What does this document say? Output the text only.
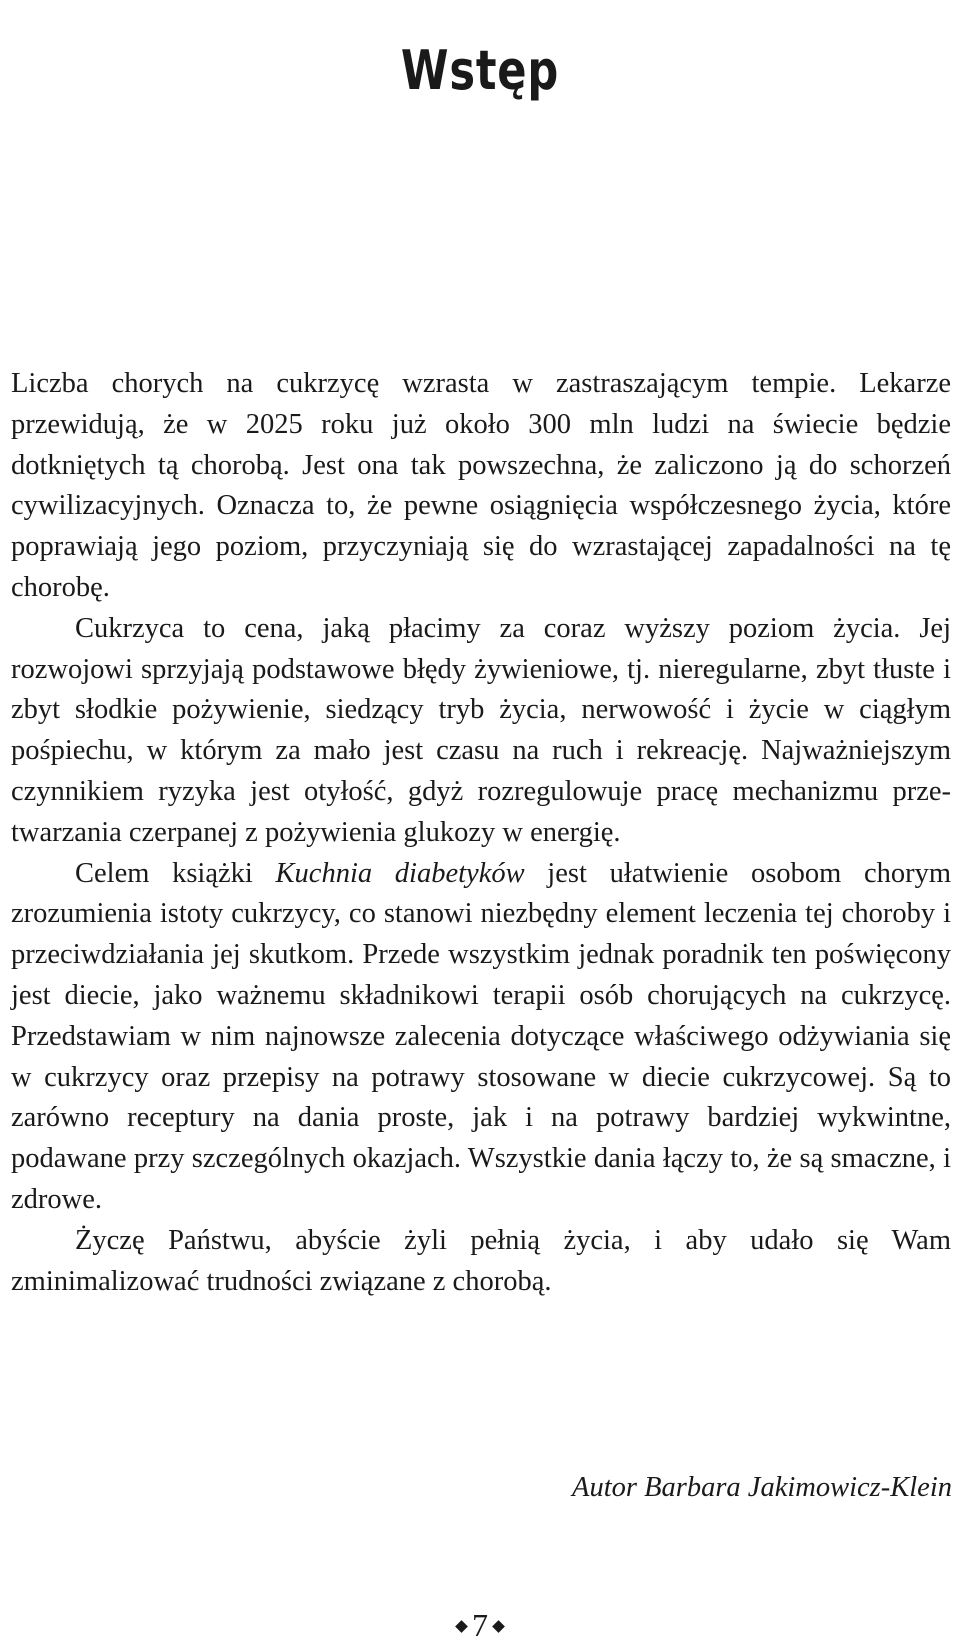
Wstęp

Liczba chorych na cukrzycę wzrasta w zastraszającym tempie. Lekarze przewidują, że w 2025 roku już około 300 mln ludzi na świecie będzie dotkniętych tą chorobą. Jest ona tak powszechna, że zaliczono ją do schorzeń cywilizacyjnych. Oznacza to, że pewne osiągnięcia współczesnego życia, które poprawiają jego poziom, przyczyniają się do wzrastającej zapadalności na tę chorobę.

Cukrzyca to cena, jaką płacimy za coraz wyższy poziom życia. Jej rozwojowi sprzyjają podstawowe błędy żywieniowe, tj. nieregularne, zbyt tłuste i zbyt słodkie pożywienie, siedzący tryb życia, nerwowość i życie w ciągłym pośpiechu, w którym za mało jest czasu na ruch i rekreację. Najważniejszym czynnikiem ryzyka jest otyłość, gdyż rozregulowuje pracę mechanizmu przetwarzania czerpanej z pożywienia glukozy w energię.

Celem książki Kuchnia diabetyków jest ułatwienie osobom chorym zrozumienia istoty cukrzycy, co stanowi niezbędny element leczenia tej choroby i przeciwdziałania jej skutkom. Przede wszystkim jednak poradnik ten poświęcony jest diecie, jako ważnemu składnikowi terapii osób chorujących na cukrzycę. Przedstawiam w nim najnowsze zalecenia dotyczące właściwego odżywiania się w cukrzycy oraz przepisy na potrawy stosowane w diecie cukrzycowej. Są to zarówno receptury na dania proste, jak i na potrawy bardziej wykwintne, podawane przy szczególnych okazjach. Wszystkie dania łączy to, że są smaczne, i zdrowe.

Życzę Państwu, abyście żyli pełnią życia, i aby udało się Wam zminimalizować trudności związane z chorobą.

Autor Barbara Jakimowicz-Klein
7
